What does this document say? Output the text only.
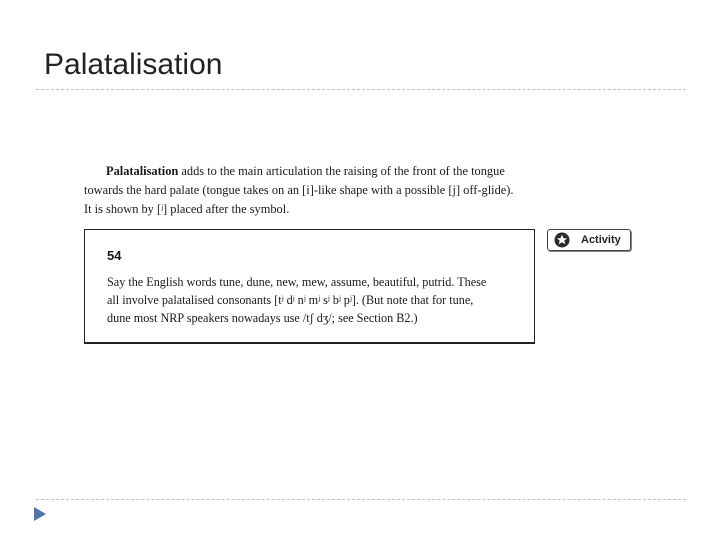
Palatalisation
Palatalisation adds to the main articulation the raising of the front of the tongue
towards the hard palate (tongue takes on an [i]-like shape with a possible [j] off-glide).
It is shown by [ʲ] placed after the symbol.
54
Say the English words tune, dune, new, mew, assume, beautiful, putrid. These
all involve palatalised consonants [tʲ dʲ nʲ mʲ sʲ bʲ pʲ]. (But note that for tune,
dune most NRP speakers nowadays use /tʃ dʒ/; see Section B2.)
Activity
